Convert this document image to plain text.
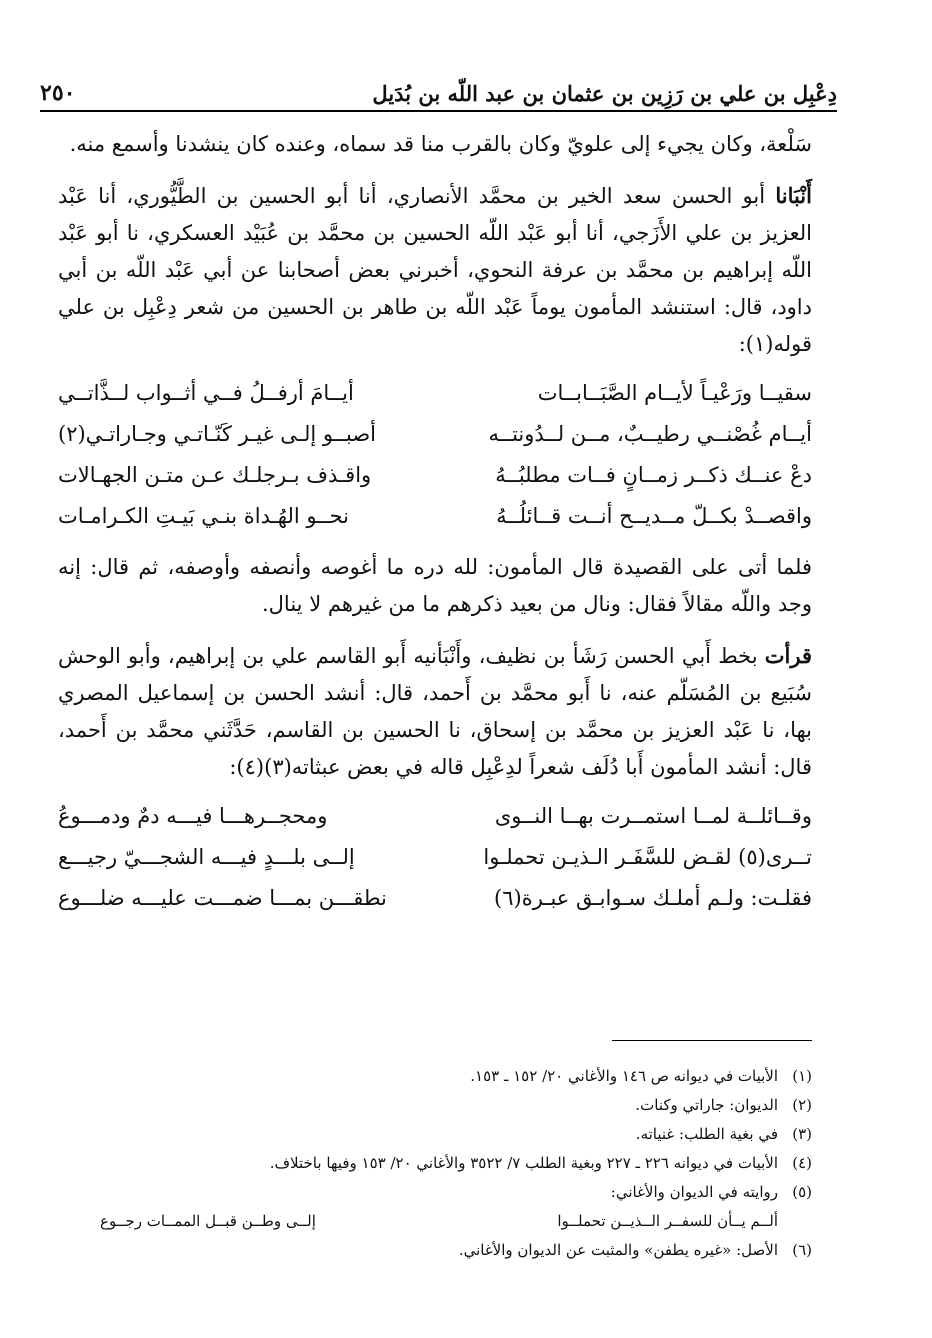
دِعْبِل بن علي بن رَزِين بن عثمان بن عبد اللّه بن بُدَيل
٢٥٠

سَلْعة، وكان يجيء إلى علويّ وكان بالقرب منا قد سماه، وعنده كان ينشدنا وأسمع منه.

أَنْبَانا أبو الحسن سعد الخير بن محمَّد الأنصاري، أنا أبو الحسين بن الطَّيُّوري، أنا عَبْد العزيز بن علي الأَزَجي، أنا أبو عَبْد اللّه الحسين بن محمَّد بن عُبَيْد العسكري، نا أبو عَبْد اللّه إبراهيم بن محمَّد بن عرفة النحوي، أخبرني بعض أصحابنا عن أبي عَبْد اللّه بن أبي داود، قال: استنشد المأمون يوماً عَبْد اللّه بن طاهر بن الحسين من شعر دِعْبِل بن علي قوله(١):

سقيــا ورَعْيـاً لأيــام الصَّبَــابــات
أيــامَ أرفــلُ فــي أثــواب لــذَّاتــي
أيــام غُصْنــي رطيــبٌ، مــن لــدُونتــه
أصبــو إلـى غيـر كَنّـاتـي وجـاراتـي(٢)
دعْ عنــك ذكــر زمــانٍ فــات مطلبُــهُ
واقـذف بـرجلـك عـن متـن الجهـالات
واقصــدْ بكــلّ مــديــح أنــت قــائلُــهُ
نحــو الهُـداة بنـي بَيـتِ الكـرامـات

فلما أتى على القصيدة قال المأمون: لله دره ما أغوصه وأنصفه وأوصفه، ثم قال: إنه وجد واللّه مقالاً فقال: ونال من بعيد ذكرهم ما من غيرهم لا ينال.

قرأت بخط أَبي الحسن رَشَأ بن نظيف، وأَنْبَأنيه أَبو القاسم علي بن إبراهيم، وأبو الوحش سُبَيع بن المُسَلّم عنه، نا أَبو محمَّد بن أَحمد، قال: أنشد الحسن بن إسماعيل المصري بها، نا عَبْد العزيز بن محمَّد بن إسحاق، نا الحسين بن القاسم، حَدَّثَني محمَّد بن أَحمد، قال: أنشد المأمون أَبا دُلَف شعراً لدِعْبِل قاله في بعض عبثاته(٣)(٤):

وقــائلــة لمــا استمــرت بهــا النــوى
ومحجــرهـــا فيـــه دمٌ ودمـــوعُ
تــرى(٥) لقـض للسَّفَـر الـذيـن تحملـوا
إلــى بلـــدٍ فيـــه الشجـــيّ رجيـــع
فقلـت: ولـم أملـك سـوابـق عبـرة(٦)
نطقـــن بمـــا ضمـــت عليـــه ضلـــوع
(١)
الأبيات في ديوانه ص ١٤٦ والأغاني ٢٠/ ١٥٢ ـ ١٥٣.
(٢)
الديوان: جاراتي وكنات.
(٣)
في بغية الطلب: غنياته.
(٤)
الأبيات في ديوانه ٢٢٦ ـ ٢٢٧ وبغية الطلب ٧/ ٣٥٢٢ والأغاني ٢٠/ ١٥٣ وفيها باختلاف.
(٥)
روايته في الديوان والأغاني:
ألــم يــأن للسفــر الــذيــن تحملــوا
إلــى وطــن قبــل الممــات رجــوع
(٦)
الأصل: «غيره يطفن» والمثبت عن الديوان والأغاني.
